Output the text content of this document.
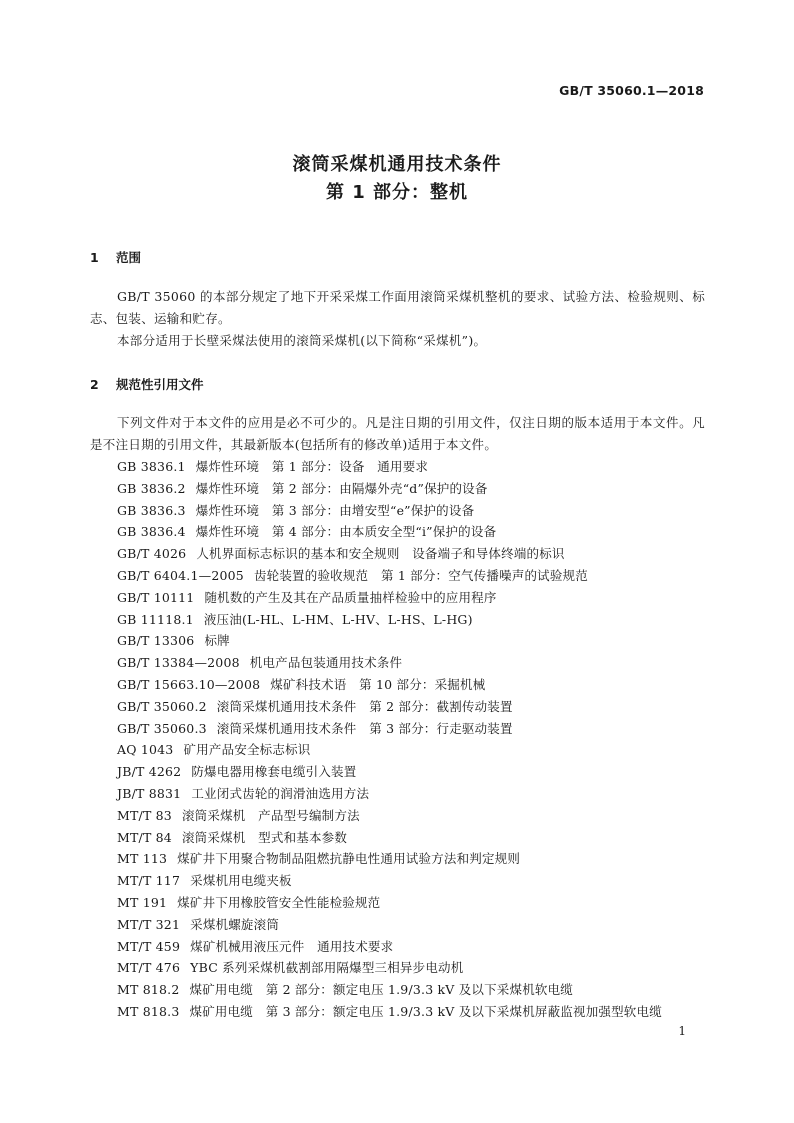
GB/T 35060.1—2018
滚筒采煤机通用技术条件
第 1 部分：整机
1 范围
GB/T 35060 的本部分规定了地下开采采煤工作面用滚筒采煤机整机的要求、试验方法、检验规则、标志、包装、运输和贮存。
本部分适用于长壁采煤法使用的滚筒采煤机(以下简称“采煤机”)。
2 规范性引用文件
下列文件对于本文件的应用是必不可少的。凡是注日期的引用文件，仅注日期的版本适用于本文件。凡是不注日期的引用文件，其最新版本(包括所有的修改单)适用于本文件。
GB 3836.1 爆炸性环境　第 1 部分：设备　通用要求
GB 3836.2 爆炸性环境　第 2 部分：由隔爆外壳“d”保护的设备
GB 3836.3 爆炸性环境　第 3 部分：由增安型“e”保护的设备
GB 3836.4 爆炸性环境　第 4 部分：由本质安全型“i”保护的设备
GB/T 4026 人机界面标志标识的基本和安全规则　设备端子和导体终端的标识
GB/T 6404.1—2005 齿轮装置的验收规范　第 1 部分：空气传播噪声的试验规范
GB/T 10111 随机数的产生及其在产品质量抽样检验中的应用程序
GB 11118.1 液压油(L-HL、L-HM、L-HV、L-HS、L-HG)
GB/T 13306 标牌
GB/T 13384—2008 机电产品包装通用技术条件
GB/T 15663.10—2008 煤矿科技术语　第 10 部分：采掘机械
GB/T 35060.2 滚筒采煤机通用技术条件　第 2 部分：截割传动装置
GB/T 35060.3 滚筒采煤机通用技术条件　第 3 部分：行走驱动装置
AQ 1043 矿用产品安全标志标识
JB/T 4262 防爆电器用橡套电缆引入装置
JB/T 8831 工业闭式齿轮的润滑油选用方法
MT/T 83 滚筒采煤机　产品型号编制方法
MT/T 84 滚筒采煤机　型式和基本参数
MT 113 煤矿井下用聚合物制品阻燃抗静电性通用试验方法和判定规则
MT/T 117 采煤机用电缆夹板
MT 191 煤矿井下用橡胶管安全性能检验规范
MT/T 321 采煤机螺旋滚筒
MT/T 459 煤矿机械用液压元件　通用技术要求
MT/T 476 YBC 系列采煤机截割部用隔爆型三相异步电动机
MT 818.2 煤矿用电缆　第 2 部分：额定电压 1.9/3.3 kV 及以下采煤机软电缆
MT 818.3 煤矿用电缆　第 3 部分：额定电压 1.9/3.3 kV 及以下采煤机屏蔽监视加强型软电缆
1
